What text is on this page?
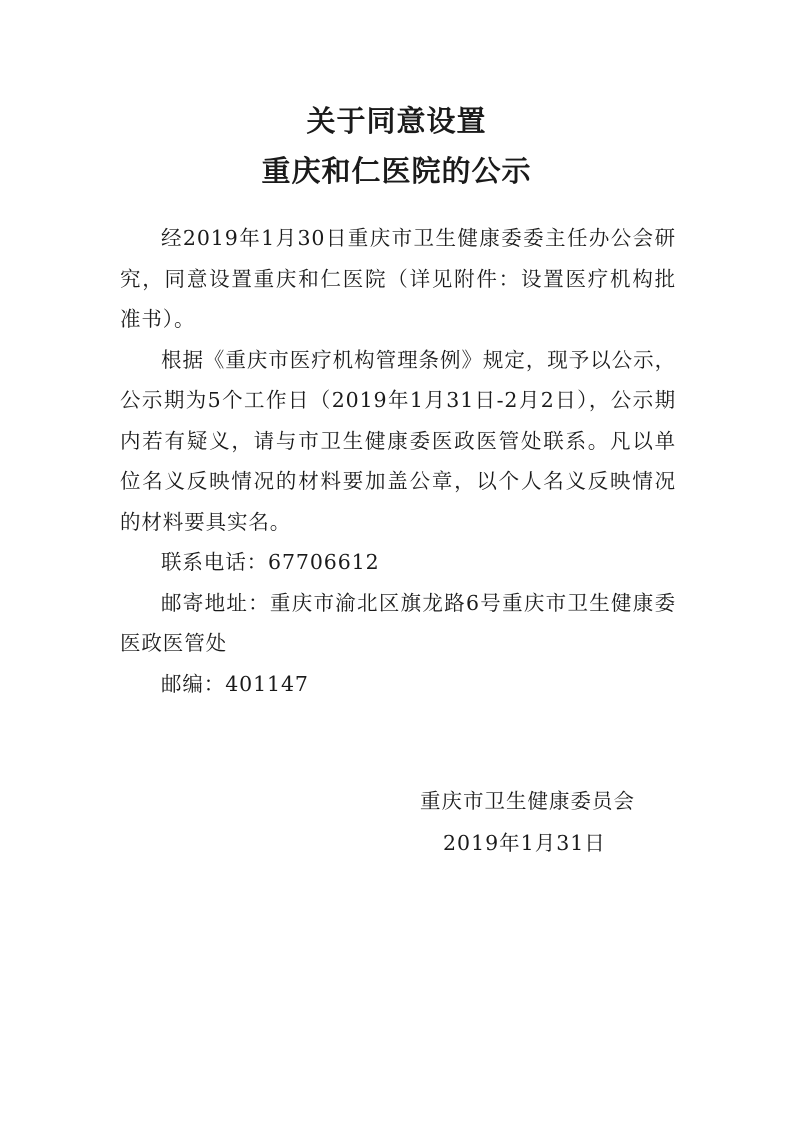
关于同意设置

重庆和仁医院的公示

经2019年1月30日重庆市卫生健康委委主任办公会研究，同意设置重庆和仁医院（详见附件：设置医疗机构批准书）。

根据《重庆市医疗机构管理条例》规定，现予以公示，公示期为5个工作日（2019年1月31日-2月2日），公示期内若有疑义，请与市卫生健康委医政医管处联系。凡以单位名义反映情况的材料要加盖公章，以个人名义反映情况的材料要具实名。

联系电话：67706612

邮寄地址：重庆市渝北区旗龙路6号重庆市卫生健康委医政医管处

邮编：401147

重庆市卫生健康委员会
2019年1月31日
